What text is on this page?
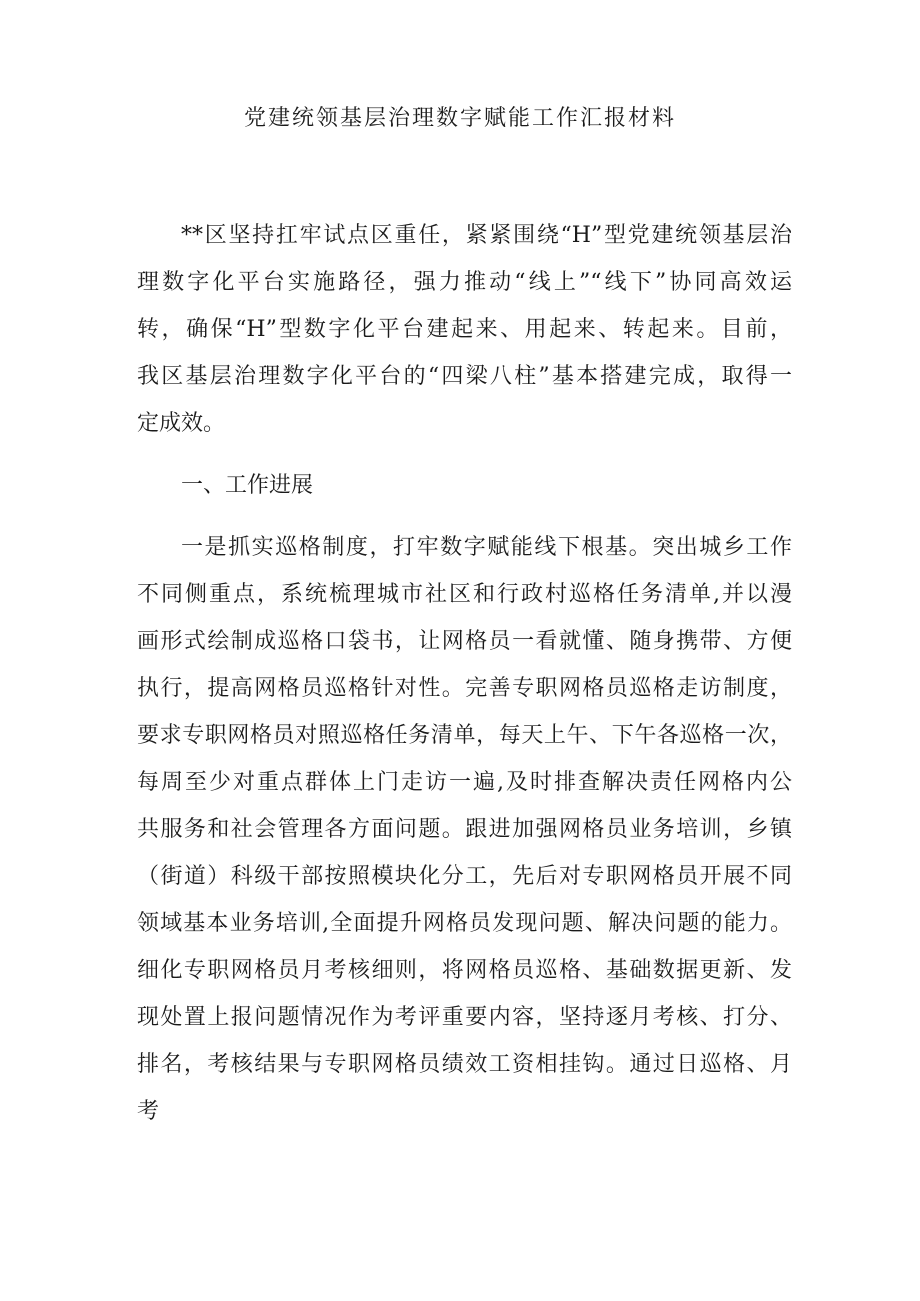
党建统领基层治理数字赋能工作汇报材料
**区坚持扛牢试点区重任，紧紧围绕“H”型党建统领基层治
理数字化平台实施路径，强力推动“线上”“线下”协同高效运
转，确保“H”型数字化平台建起来、用起来、转起来。目前，
我区基层治理数字化平台的“四梁八柱”基本搭建完成，取得一
定成效。
一、工作进展
一是抓实巡格制度，打牢数字赋能线下根基。突出城乡工作
不同侧重点，系统梳理城市社区和行政村巡格任务清单,并以漫
画形式绘制成巡格口袋书，让网格员一看就懂、随身携带、方便
执行，提高网格员巡格针对性。完善专职网格员巡格走访制度，
要求专职网格员对照巡格任务清单，每天上午、下午各巡格一次，
每周至少对重点群体上门走访一遍,及时排查解决责任网格内公
共服务和社会管理各方面问题。跟进加强网格员业务培训，乡镇
（街道）科级干部按照模块化分工，先后对专职网格员开展不同
领域基本业务培训,全面提升网格员发现问题、解决问题的能力。
细化专职网格员月考核细则，将网格员巡格、基础数据更新、发
现处置上报问题情况作为考评重要内容，坚持逐月考核、打分、
排名，考核结果与专职网格员绩效工资相挂钩。通过日巡格、月
考
